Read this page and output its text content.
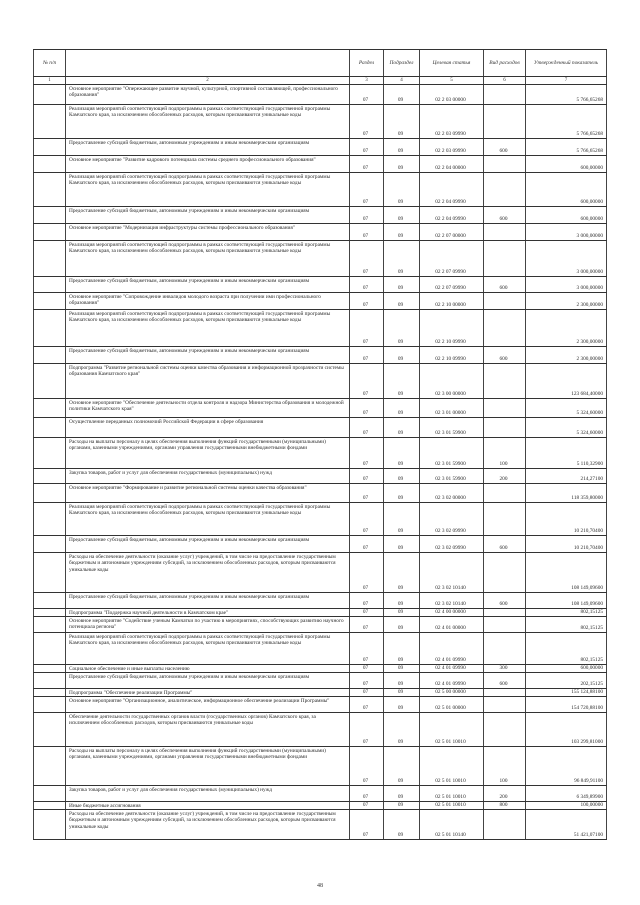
№ п/п	Раздел	Подраздел	Целевая статья	Вид расходов	Утвержденный показатель
1	2	3	4	5	6	7
Основное мероприятие "Опережающее развитие научной, культурной, спортивной составляющей, профессионального образования"
07	09	02 2 03 00000	5 766,65268
Реализация мероприятий соответствующей подпрограммы в рамках соответствующей государственной программы Камчатского края, за исключением обособленных расходов, которым присваиваются уникальные коды
07	09	02 2 03 09990	5 766,65268
Предоставление субсидий бюджетным, автономным учреждениям и иным некоммерческим организациям
07	09	02 2 03 09990	600	5 766,65268
Основное мероприятие "Развитие кадрового потенциала системы среднего профессионального образования"
07	09	02 2 04 00000	600,00000
Реализация мероприятий соответствующей подпрограммы в рамках соответствующей государственной программы Камчатского края, за исключением обособленных расходов, которым присваиваются уникальные коды
07	09	02 2 04 09990	600,00000
Предоставление субсидий бюджетным, автономным учреждениям и иным некоммерческим организациям
07	09	02 2 04 09990	600	600,00000
Основное мероприятие "Модернизация инфраструктуры системы профессионального образования"
07	09	02 2 07 00000	3 000,00000
Реализация мероприятий соответствующей подпрограммы в рамках соответствующей государственной программы Камчатского края, за исключением обособленных расходов, которым присваиваются уникальные коды
07	09	02 2 07 09990	3 000,00000
Предоставление субсидий бюджетным, автономным учреждениям и иным некоммерческим организациям
07	09	02 2 07 09990	600	3 000,00000
Основное мероприятие "Сопровождение инвалидов молодого возраста при получении ими профессионального образования"	07	09	02 2 10 00000	2 300,00000
Реализация мероприятий соответствующей подпрограммы в рамках соответствующей государственной программы Камчатского края, за исключением обособленных расходов, которым присваиваются уникальные коды
07	09	02 2 10 09990	2 300,00000
Предоставление субсидий бюджетным, автономным учреждениям и иным некоммерческим организациям
07	09	02 2 10 09990	600	2 300,00000
Подпрограмма "Развитие региональной системы оценки качества образования и информационной прозрачности системы образования Камчатского края"
07	09	02 3 00 00000	123 684,40000
Основное мероприятие "Обеспечение деятельности отдела контроля и надзора Министерства образования и молодежной политики Камчатского края"
07	09	02 3 01 00000	5 324,60000
Осуществление переданных полномочий Российской Федерации в сфере образования
07	09	02 3 01 59900	5 324,60000
Расходы на выплаты персоналу в целях обеспечения выполнения функций государственными (муниципальными) органами, казенными учреждениями, органами управления государственными внебюджетными фондами
07	09	02 3 01 59900	100	5 110,32900
Закупка товаров, работ и услуг для обеспечения государственных (муниципальных) нужд
07	09	02 3 01 59900	200	214,27100
Основное мероприятие "Формирование и развитие региональной системы оценки качества образования"
07	09	02 3 02 00000	118 359,80000
Реализация мероприятий соответствующей подпрограммы в рамках соответствующей государственной программы Камчатского края, за исключением обособленных расходов, которым присваиваются уникальные коды
07	09	02 3 02 09990	10 210,70400
Предоставление субсидий бюджетным, автономным учреждениям и иным некоммерческим организациям
07	09	02 3 02 09990	600	10 210,70400
Расходы на обеспечение деятельности (оказание услуг) учреждений, в том числе на предоставление государственным бюджетным и автономным учреждениям субсидий, за исключением обособленных расходов, которым присваиваются уникальные коды
07	09	02 3 02 10140	108 149,09600
Предоставление субсидий бюджетным, автономным учреждениям и иным некоммерческим организациям
07	09	02 3 02 10140	600	108 149,09600
Подпрограмма "Поддержка научной деятельности в Камчатском крае"	07	09	02 4 00 00000	802,15125
Основное мероприятие "Содействие ученым Камчатки по участию в мероприятиях, способствующих развитию научного потенциала региона"	07	09	02 4 01 00000	802,15125
Реализация мероприятий соответствующей подпрограммы в рамках соответствующей государственной программы Камчатского края, за исключением обособленных расходов, которым присваиваются уникальные коды
07	09	02 4 01 09990	802,15125
Социальное обеспечение и иные выплаты населению	07	09	02 4 01 09990	300	600,00000
Предоставление субсидий бюджетным, автономным учреждениям и иным некоммерческим организациям
07	09	02 4 01 09990	600	202,15125
Подпрограмма "Обеспечение реализации Программы"	07	09	02 5 00 00000	155 124,88100
Основное мероприятие "Организационное, аналитическое, информационное обеспечение реализации Программы"
07	09	02 5 01 00000	154 720,88100
Обеспечение деятельности государственных органов власти (государственных органов) Камчатского края, за исключением обособленных расходов, которым присваиваются уникальные коды
07	09	02 5 01 10010	103 299,81000
Расходы на выплаты персоналу в целях обеспечения выполнения функций государственными (муниципальными) органами, казенными учреждениями, органами управления государственными внебюджетными фондами
07	09	02 5 01 10010	100	96 849,91100
Закупка товаров, работ и услуг для обеспечения государственных (муниципальных) нужд
07	09	02 5 01 10010	200	6 349,89900
Иные бюджетные ассигнования	07	09	02 5 01 10010	800	100,00000
Расходы на обеспечение деятельности (оказание услуг) учреждений, в том числе на предоставление государственным бюджетным и автономным учреждениям субсидий, за исключением обособленных расходов, которым присваиваются уникальные коды
07	09	02 5 01 10140	51 421,07100
48
